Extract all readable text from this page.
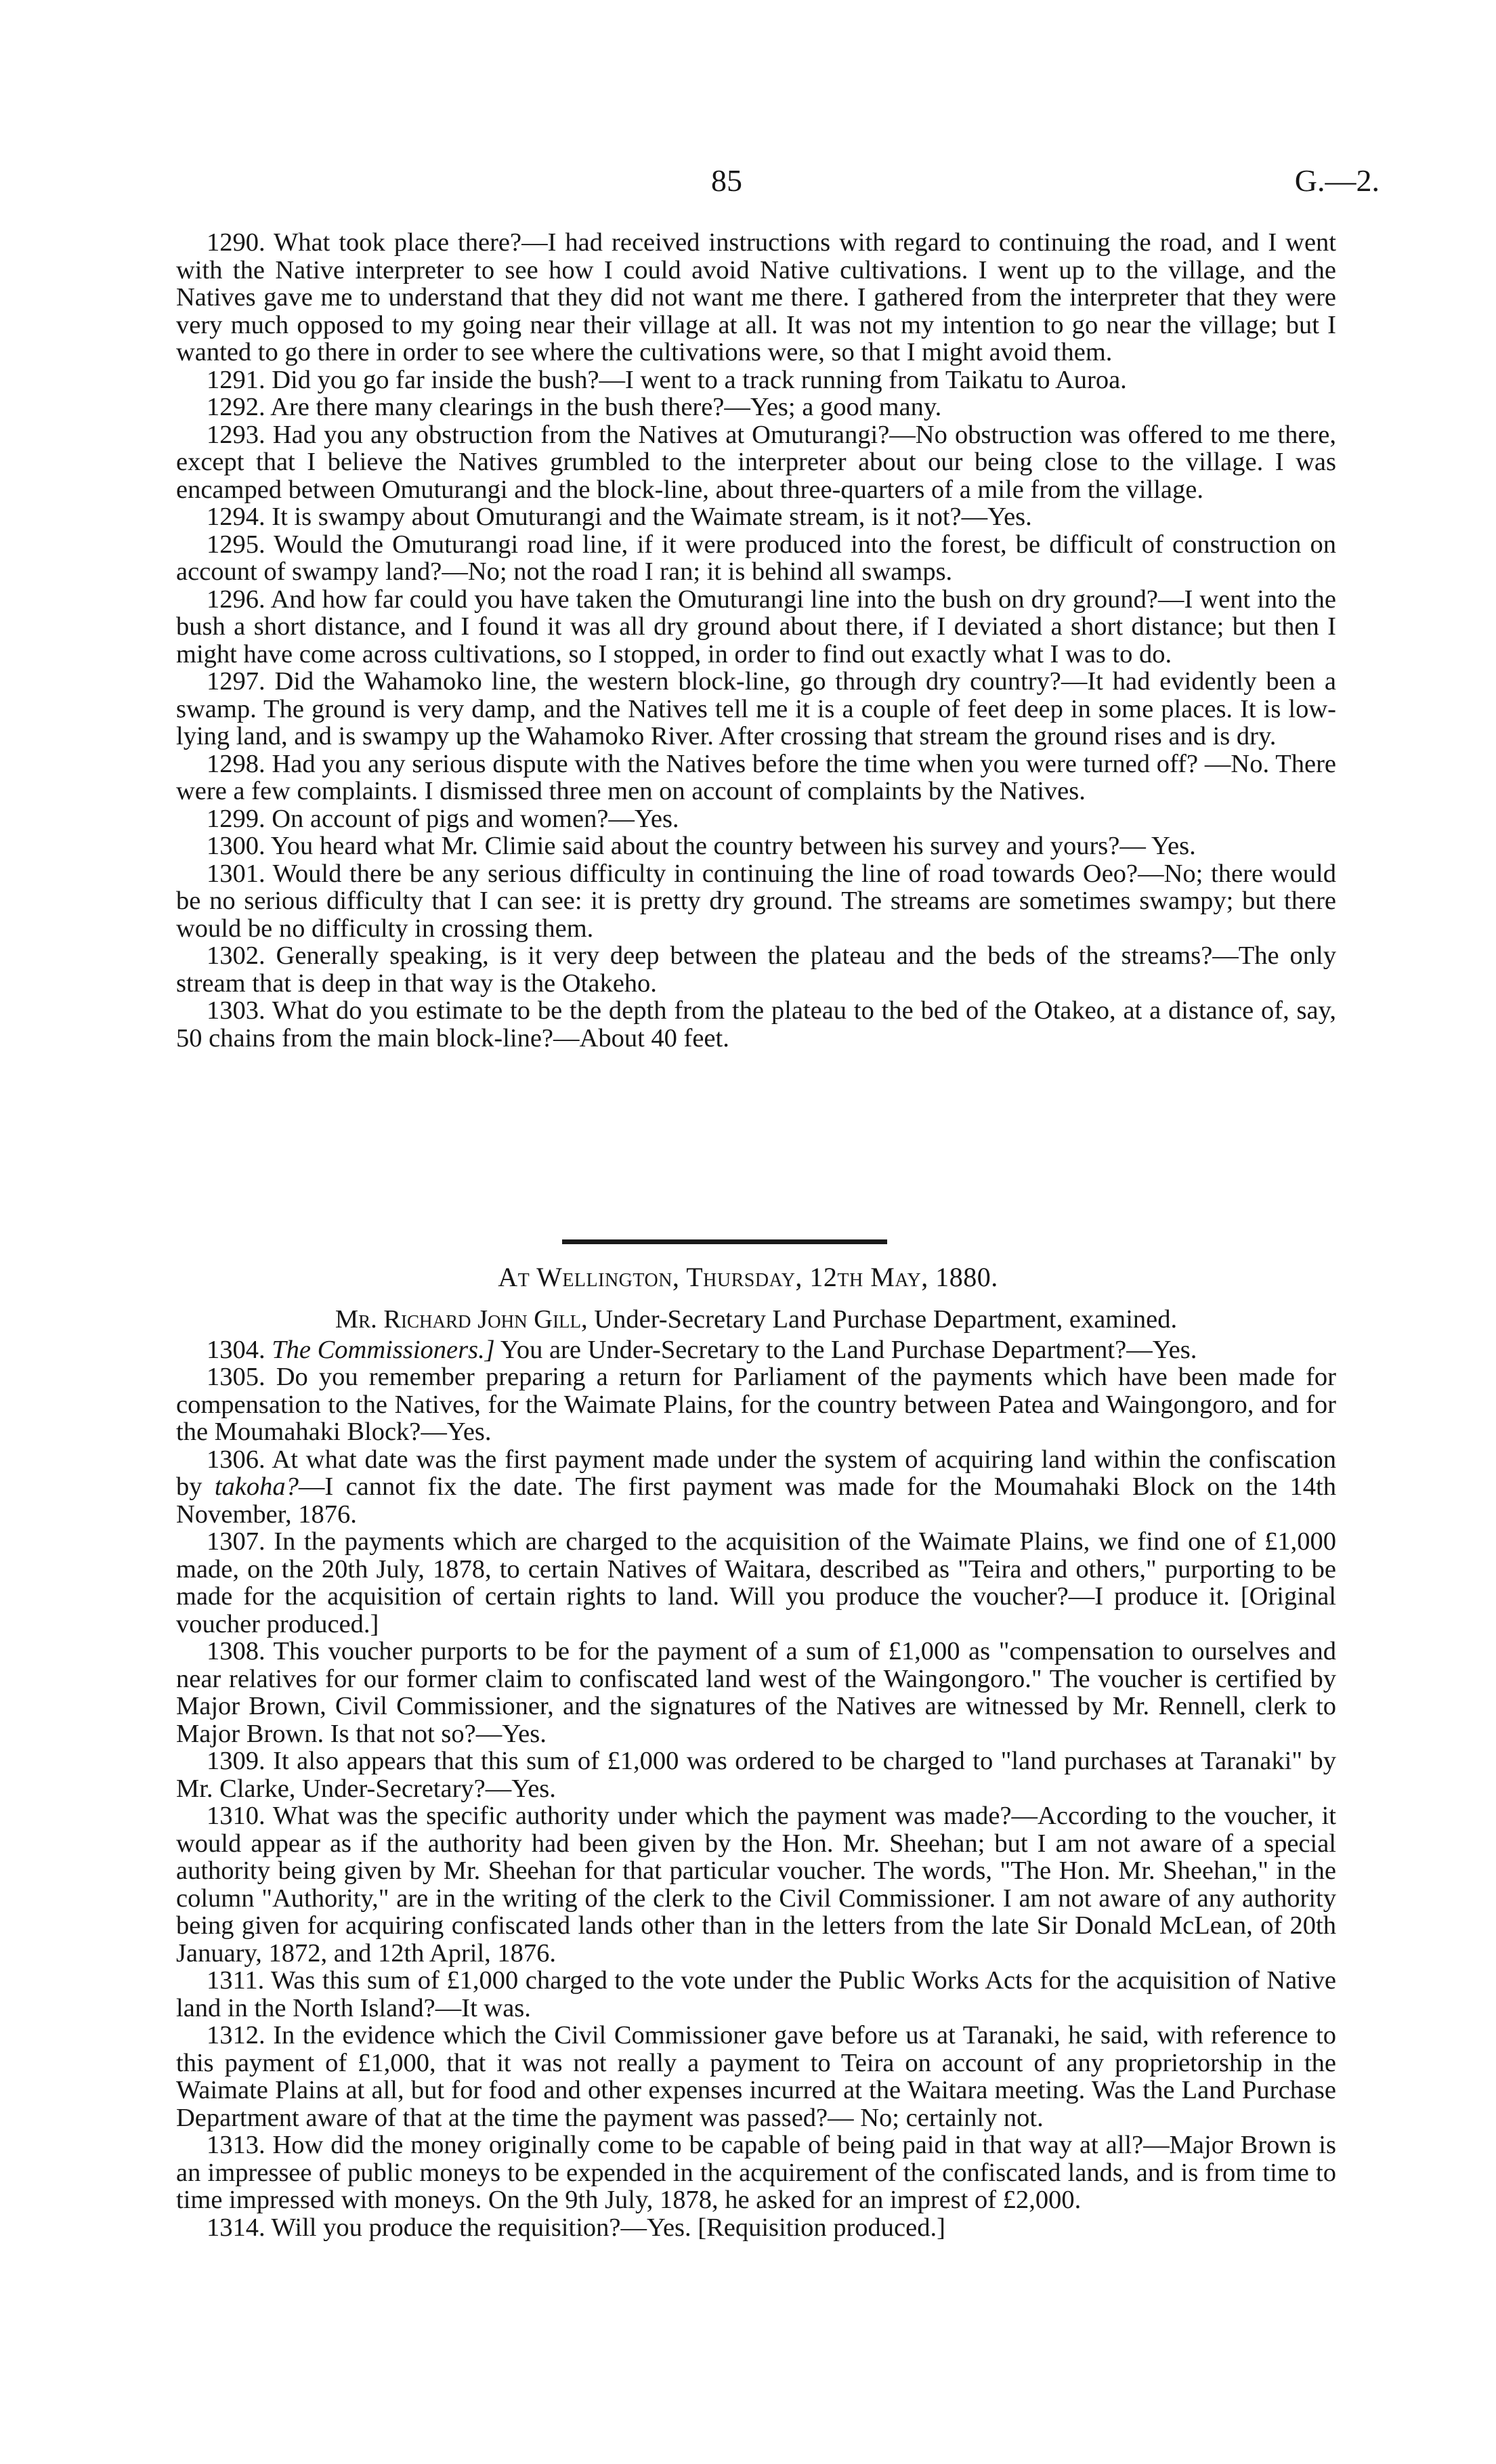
85	G.—2.

1290. What took place there?—I had received instructions with regard to continuing the road, and I went with the Native interpreter to see how I could avoid Native cultivations. I went up to the village, and the Natives gave me to understand that they did not want me there. I gathered from the interpreter that they were very much opposed to my going near their village at all. It was not my intention to go near the village; but I wanted to go there in order to see where the cultivations were, so that I might avoid them.

1291. Did you go far inside the bush?—I went to a track running from Taikatu to Auroa.

1292. Are there many clearings in the bush there?—Yes; a good many.

1293. Had you any obstruction from the Natives at Omuturangi?—No obstruction was offered to me there, except that I believe the Natives grumbled to the interpreter about our being close to the village. I was encamped between Omuturangi and the block-line, about three-quarters of a mile from the village.

1294. It is swampy about Omuturangi and the Waimate stream, is it not?—Yes.

1295. Would the Omuturangi road line, if it were produced into the forest, be difficult of construction on account of swampy land?—No; not the road I ran; it is behind all swamps.

1296. And how far could you have taken the Omuturangi line into the bush on dry ground?—I went into the bush a short distance, and I found it was all dry ground about there, if I deviated a short distance; but then I might have come across cultivations, so I stopped, in order to find out exactly what I was to do.

1297. Did the Wahamoko line, the western block-line, go through dry country?—It had evidently been a swamp. The ground is very damp, and the Natives tell me it is a couple of feet deep in some places. It is low-lying land, and is swampy up the Wahamoko River. After crossing that stream the ground rises and is dry.

1298. Had you any serious dispute with the Natives before the time when you were turned off? —No. There were a few complaints. I dismissed three men on account of complaints by the Natives.

1299. On account of pigs and women?—Yes.

1300. You heard what Mr. Climie said about the country between his survey and yours?— Yes.

1301. Would there be any serious difficulty in continuing the line of road towards Oeo?—No; there would be no serious difficulty that I can see: it is pretty dry ground. The streams are sometimes swampy; but there would be no difficulty in crossing them.

1302. Generally speaking, is it very deep between the plateau and the beds of the streams?—The only stream that is deep in that way is the Otakeho.

1303. What do you estimate to be the depth from the plateau to the bed of the Otakeo, at a distance of, say, 50 chains from the main block-line?—About 40 feet.

At Wellington, Thursday, 12th May, 1880.

Mr. Richard John Gill, Under-Secretary Land Purchase Department, examined.

1304. The Commissioners.] You are Under-Secretary to the Land Purchase Department?—Yes.

1305. Do you remember preparing a return for Parliament of the payments which have been made for compensation to the Natives, for the Waimate Plains, for the country between Patea and Waingongoro, and for the Moumahaki Block?—Yes.

1306. At what date was the first payment made under the system of acquiring land within the confiscation by takoha?—I cannot fix the date. The first payment was made for the Moumahaki Block on the 14th November, 1876.

1307. In the payments which are charged to the acquisition of the Waimate Plains, we find one of £1,000 made, on the 20th July, 1878, to certain Natives of Waitara, described as "Teira and others," purporting to be made for the acquisition of certain rights to land. Will you produce the voucher?—I produce it. [Original voucher produced.]

1308. This voucher purports to be for the payment of a sum of £1,000 as "compensation to ourselves and near relatives for our former claim to confiscated land west of the Waingongoro." The voucher is certified by Major Brown, Civil Commissioner, and the signatures of the Natives are witnessed by Mr. Rennell, clerk to Major Brown. Is that not so?—Yes.

1309. It also appears that this sum of £1,000 was ordered to be charged to "land purchases at Taranaki" by Mr. Clarke, Under-Secretary?—Yes.

1310. What was the specific authority under which the payment was made?—According to the voucher, it would appear as if the authority had been given by the Hon. Mr. Sheehan; but I am not aware of a special authority being given by Mr. Sheehan for that particular voucher. The words, "The Hon. Mr. Sheehan," in the column "Authority," are in the writing of the clerk to the Civil Commissioner. I am not aware of any authority being given for acquiring confiscated lands other than in the letters from the late Sir Donald McLean, of 20th January, 1872, and 12th April, 1876.

1311. Was this sum of £1,000 charged to the vote under the Public Works Acts for the acquisition of Native land in the North Island?—It was.

1312. In the evidence which the Civil Commissioner gave before us at Taranaki, he said, with reference to this payment of £1,000, that it was not really a payment to Teira on account of any proprietorship in the Waimate Plains at all, but for food and other expenses incurred at the Waitara meeting. Was the Land Purchase Department aware of that at the time the payment was passed?— No; certainly not.

1313. How did the money originally come to be capable of being paid in that way at all?—Major Brown is an impressee of public moneys to be expended in the acquirement of the confiscated lands, and is from time to time impressed with moneys. On the 9th July, 1878, he asked for an imprest of £2,000.

1314. Will you produce the requisition?—Yes. [Requisition produced.]
